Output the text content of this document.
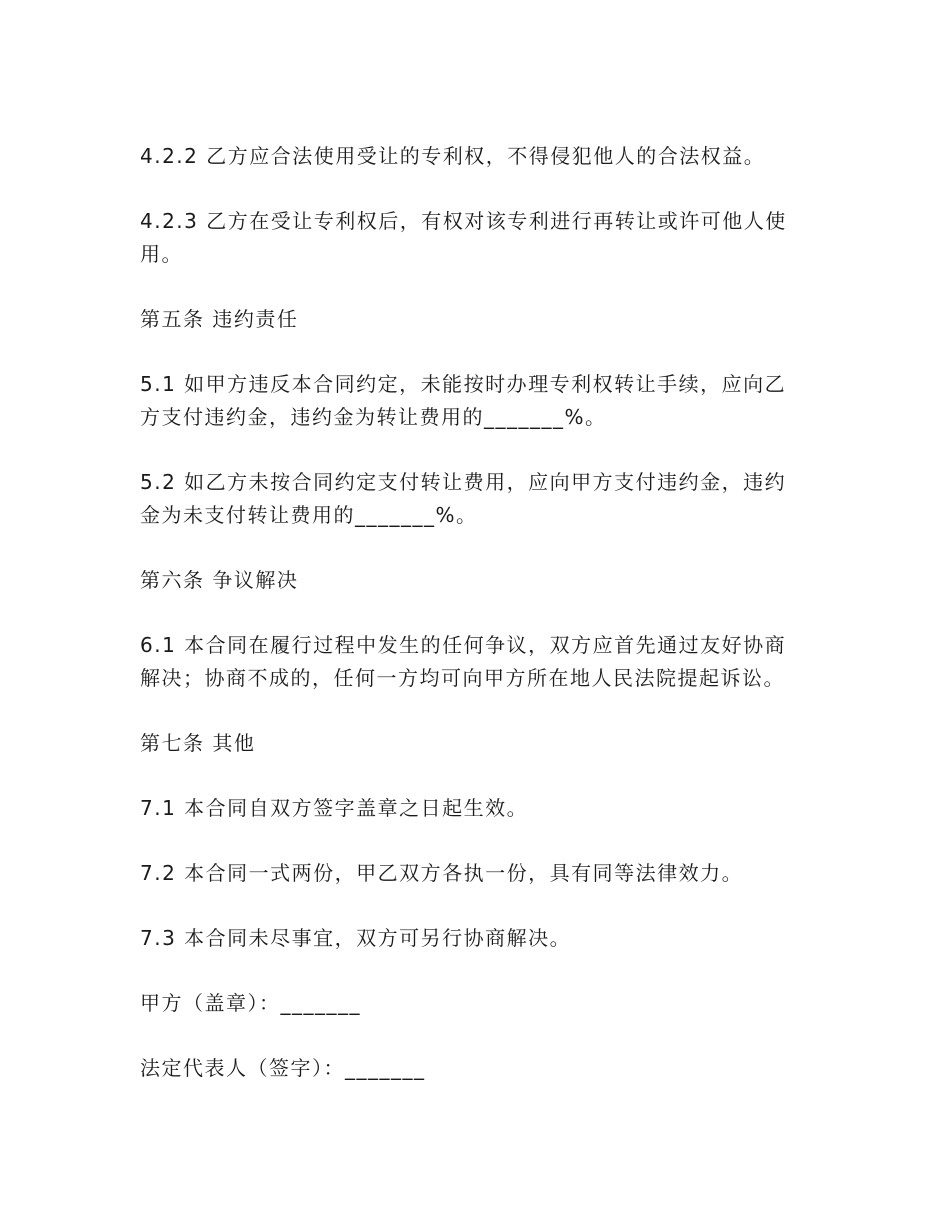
4.2.2 乙方应合法使用受让的专利权，不得侵犯他人的合法权益。

4.2.3 乙方在受让专利权后，有权对该专利进行再转让或许可他人使用。

第五条 违约责任

5.1 如甲方违反本合同约定，未能按时办理专利权转让手续，应向乙方支付违约金，违约金为转让费用的_______%。

5.2 如乙方未按合同约定支付转让费用，应向甲方支付违约金，违约金为未支付转让费用的_______%。

第六条 争议解决

6.1 本合同在履行过程中发生的任何争议，双方应首先通过友好协商解决；协商不成的，任何一方均可向甲方所在地人民法院提起诉讼。

第七条 其他

7.1 本合同自双方签字盖章之日起生效。

7.2 本合同一式两份，甲乙双方各执一份，具有同等法律效力。

7.3 本合同未尽事宜，双方可另行协商解决。

甲方（盖章）：_______

法定代表人（签字）：_______
